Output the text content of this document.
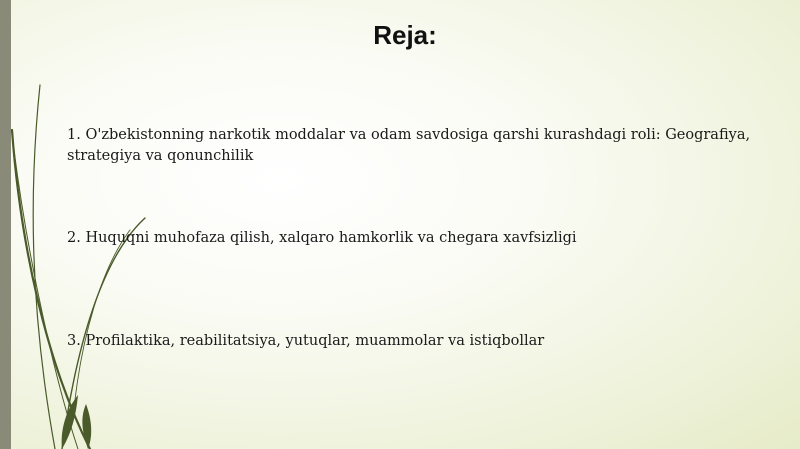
Reja:
1. O'zbekistonning narkotik moddalar va odam savdosiga qarshi kurashdagi roli: Geografiya, strategiya va qonunchilik
2. Huquqni muhofaza qilish, xalqaro hamkorlik va chegara xavfsizligi
3. Profilaktika, reabilitatsiya, yutuqlar, muammolar va istiqbollar
